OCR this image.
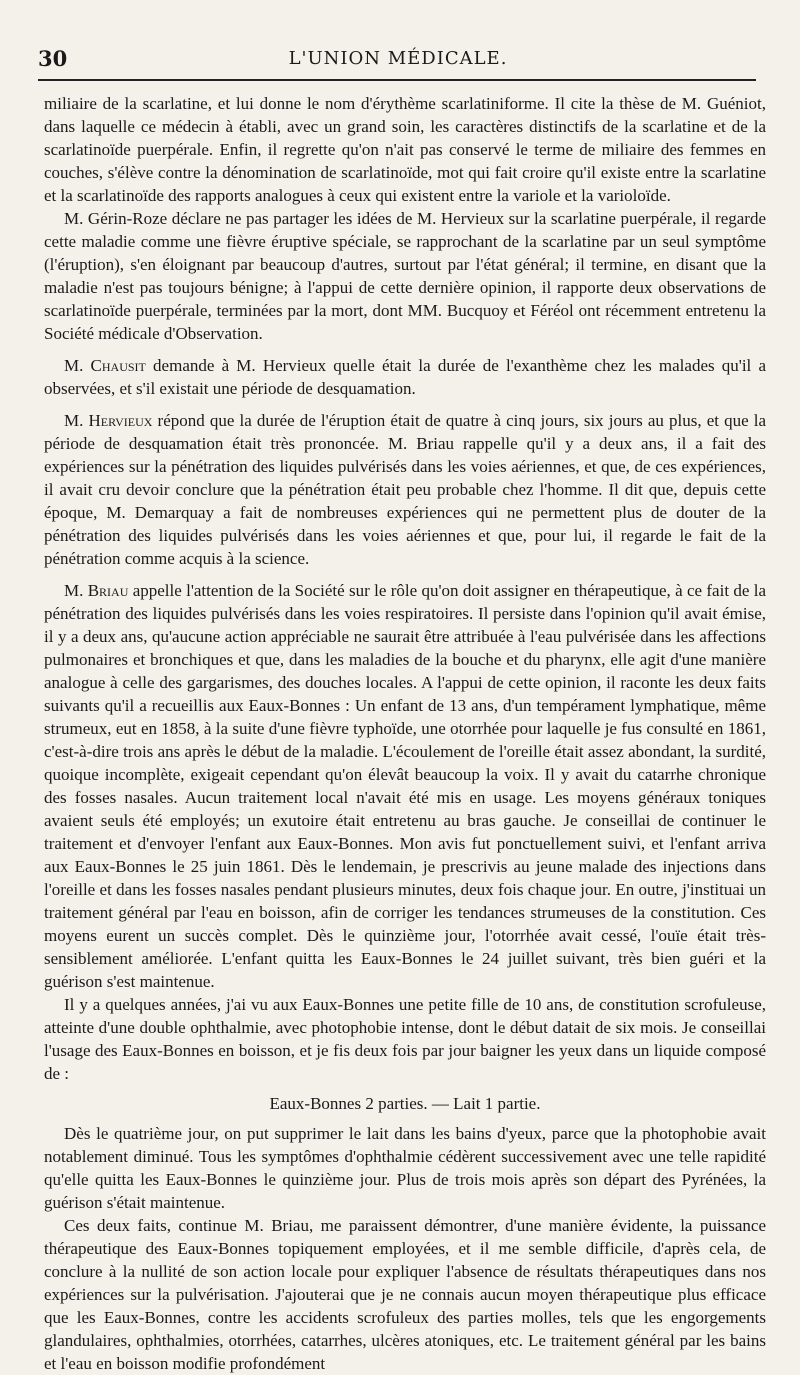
30	L'UNION MÉDICALE.

miliaire de la scarlatine, et lui donne le nom d'érythème scarlatiniforme. Il cite la thèse de M. Guéniot, dans laquelle ce médecin à établi, avec un grand soin, les caractères distinctifs de la scarlatine et de la scarlatinoïde puerpérale. Enfin, il regrette qu'on n'ait pas conservé le terme de miliaire des femmes en couches, s'élève contre la dénomination de scarlatinoïde, mot qui fait croire qu'il existe entre la scarlatine et la scarlatinoïde des rapports analogues à ceux qui existent entre la variole et la varioloïde.

M. Gérin-Roze déclare ne pas partager les idées de M. Hervieux sur la scarlatine puerpérale, il regarde cette maladie comme une fièvre éruptive spéciale, se rapprochant de la scarlatine par un seul symptôme (l'éruption), s'en éloignant par beaucoup d'autres, surtout par l'état général; il termine, en disant que la maladie n'est pas toujours bénigne; à l'appui de cette dernière opinion, il rapporte deux observations de scarlatinoïde puerpérale, terminées par la mort, dont MM. Bucquoy et Féréol ont récemment entretenu la Société médicale d'Observation.

M. Chausit demande à M. Hervieux quelle était la durée de l'exanthème chez les malades qu'il a observées, et s'il existait une période de desquamation.

M. Hervieux répond que la durée de l'éruption était de quatre à cinq jours, six jours au plus, et que la période de desquamation était très prononcée. M. Briau rappelle qu'il y a deux ans, il a fait des expériences sur la pénétration des liquides pulvérisés dans les voies aériennes, et que, de ces expériences, il avait cru devoir conclure que la pénétration était peu probable chez l'homme. Il dit que, depuis cette époque, M. Demarquay a fait de nombreuses expériences qui ne permettent plus de douter de la pénétration des liquides pulvérisés dans les voies aériennes et que, pour lui, il regarde le fait de la pénétration comme acquis à la science.

M. Briau appelle l'attention de la Société sur le rôle qu'on doit assigner en thérapeutique, à ce fait de la pénétration des liquides pulvérisés dans les voies respiratoires. Il persiste dans l'opinion qu'il avait émise, il y a deux ans, qu'aucune action appréciable ne saurait être attribuée à l'eau pulvérisée dans les affections pulmonaires et bronchiques et que, dans les maladies de la bouche et du pharynx, elle agit d'une manière analogue à celle des gargarismes, des douches locales. A l'appui de cette opinion, il raconte les deux faits suivants qu'il a recueillis aux Eaux-Bonnes : Un enfant de 13 ans, d'un tempérament lymphatique, même strumeux, eut en 1858, à la suite d'une fièvre typhoïde, une otorrhée pour laquelle je fus consulté en 1861, c'est-à-dire trois ans après le début de la maladie. L'écoulement de l'oreille était assez abondant, la surdité, quoique incomplète, exigeait cependant qu'on élevât beaucoup la voix. Il y avait du catarrhe chronique des fosses nasales. Aucun traitement local n'avait été mis en usage. Les moyens généraux toniques avaient seuls été employés; un exutoire était entretenu au bras gauche. Je conseillai de continuer le traitement et d'envoyer l'enfant aux Eaux-Bonnes. Mon avis fut ponctuellement suivi, et l'enfant arriva aux Eaux-Bonnes le 25 juin 1861. Dès le lendemain, je prescrivis au jeune malade des injections dans l'oreille et dans les fosses nasales pendant plusieurs minutes, deux fois chaque jour. En outre, j'instituai un traitement général par l'eau en boisson, afin de corriger les tendances strumeuses de la constitution. Ces moyens eurent un succès complet. Dès le quinzième jour, l'otorrhée avait cessé, l'ouïe était très-sensiblement améliorée. L'enfant quitta les Eaux-Bonnes le 24 juillet suivant, très bien guéri et la guérison s'est maintenue.

Il y a quelques années, j'ai vu aux Eaux-Bonnes une petite fille de 10 ans, de constitution scrofuleuse, atteinte d'une double ophthalmie, avec photophobie intense, dont le début datait de six mois. Je conseillai l'usage des Eaux-Bonnes en boisson, et je fis deux fois par jour baigner les yeux dans un liquide composé de :

Eaux-Bonnes 2 parties. — Lait 1 partie.

Dès le quatrième jour, on put supprimer le lait dans les bains d'yeux, parce que la photophobie avait notablement diminué. Tous les symptômes d'ophthalmie cédèrent successivement avec une telle rapidité qu'elle quitta les Eaux-Bonnes le quinzième jour. Plus de trois mois après son départ des Pyrénées, la guérison s'était maintenue.

Ces deux faits, continue M. Briau, me paraissent démontrer, d'une manière évidente, la puissance thérapeutique des Eaux-Bonnes topiquement employées, et il me semble difficile, d'après cela, de conclure à la nullité de son action locale pour expliquer l'absence de résultats thérapeutiques dans nos expériences sur la pulvérisation. J'ajouterai que je ne connais aucun moyen thérapeutique plus efficace que les Eaux-Bonnes, contre les accidents scrofuleux des parties molles, tels que les engorgements glandulaires, ophthalmies, otorrhées, catarrhes, ulcères atoniques, etc. Le traitement général par les bains et l'eau en boisson modifie profondément
